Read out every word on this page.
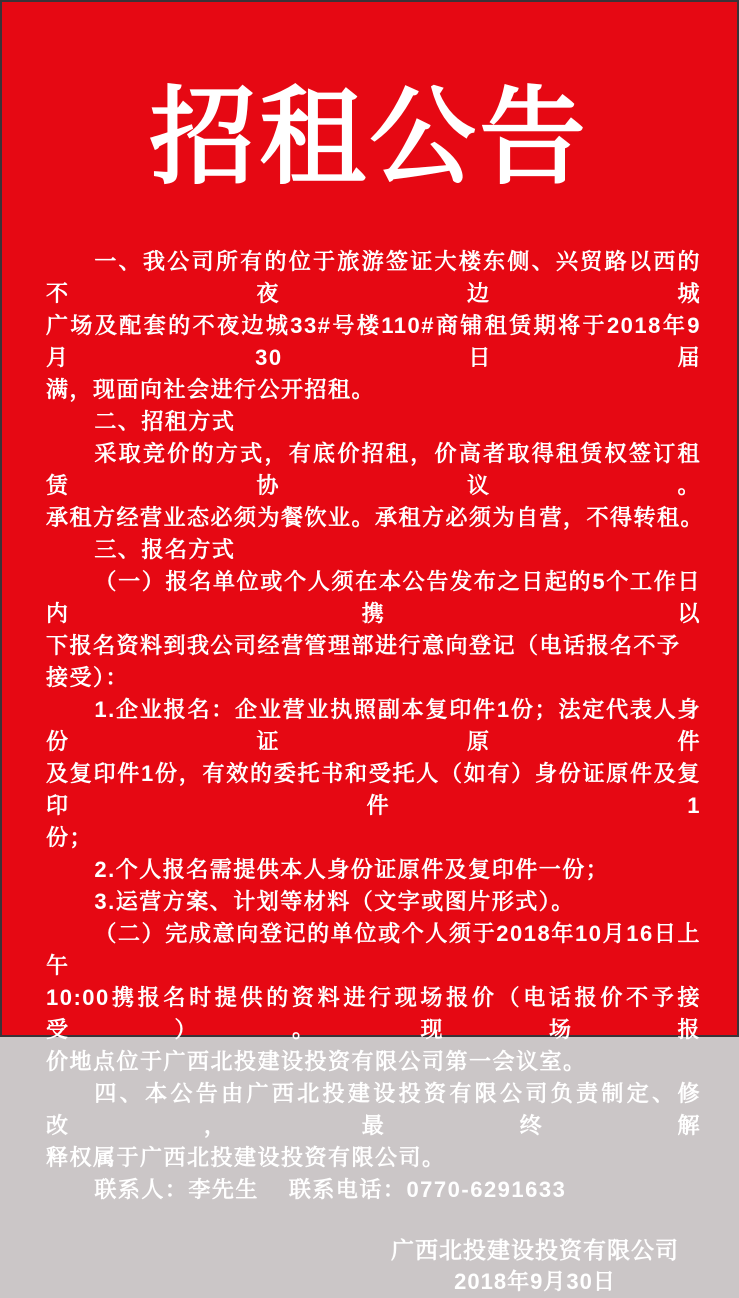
招租公告

一、我公司所有的位于旅游签证大楼东侧、兴贸路以西的不夜边城

广场及配套的不夜边城33#号楼110#商铺租赁期将于2018年9月30日届

满，现面向社会进行公开招租。

二、招租方式

采取竞价的方式，有底价招租，价高者取得租赁权签订租赁协议。

承租方经营业态必须为餐饮业。承租方必须为自营，不得转租。

三、报名方式

（一）报名单位或个人须在本公告发布之日起的5个工作日内携以

下报名资料到我公司经营管理部进行意向登记（电话报名不予接受）：

1.企业报名：企业营业执照副本复印件1份；法定代表人身份证原件

及复印件1份，有效的委托书和受托人（如有）身份证原件及复印件1

份；

2.个人报名需提供本人身份证原件及复印件一份；

3.运营方案、计划等材料（文字或图片形式）。

（二）完成意向登记的单位或个人须于2018年10月16日上午

10:00携报名时提供的资料进行现场报价（电话报价不予接受）。现场报

价地点位于广西北投建设投资有限公司第一会议室。

四、本公告由广西北投建设投资有限公司负责制定、修改，最终解

释权属于广西北投建设投资有限公司。

联系人：李先生 联系电话：0770-6291633

广西北投建设投资有限公司

2018年9月30日
